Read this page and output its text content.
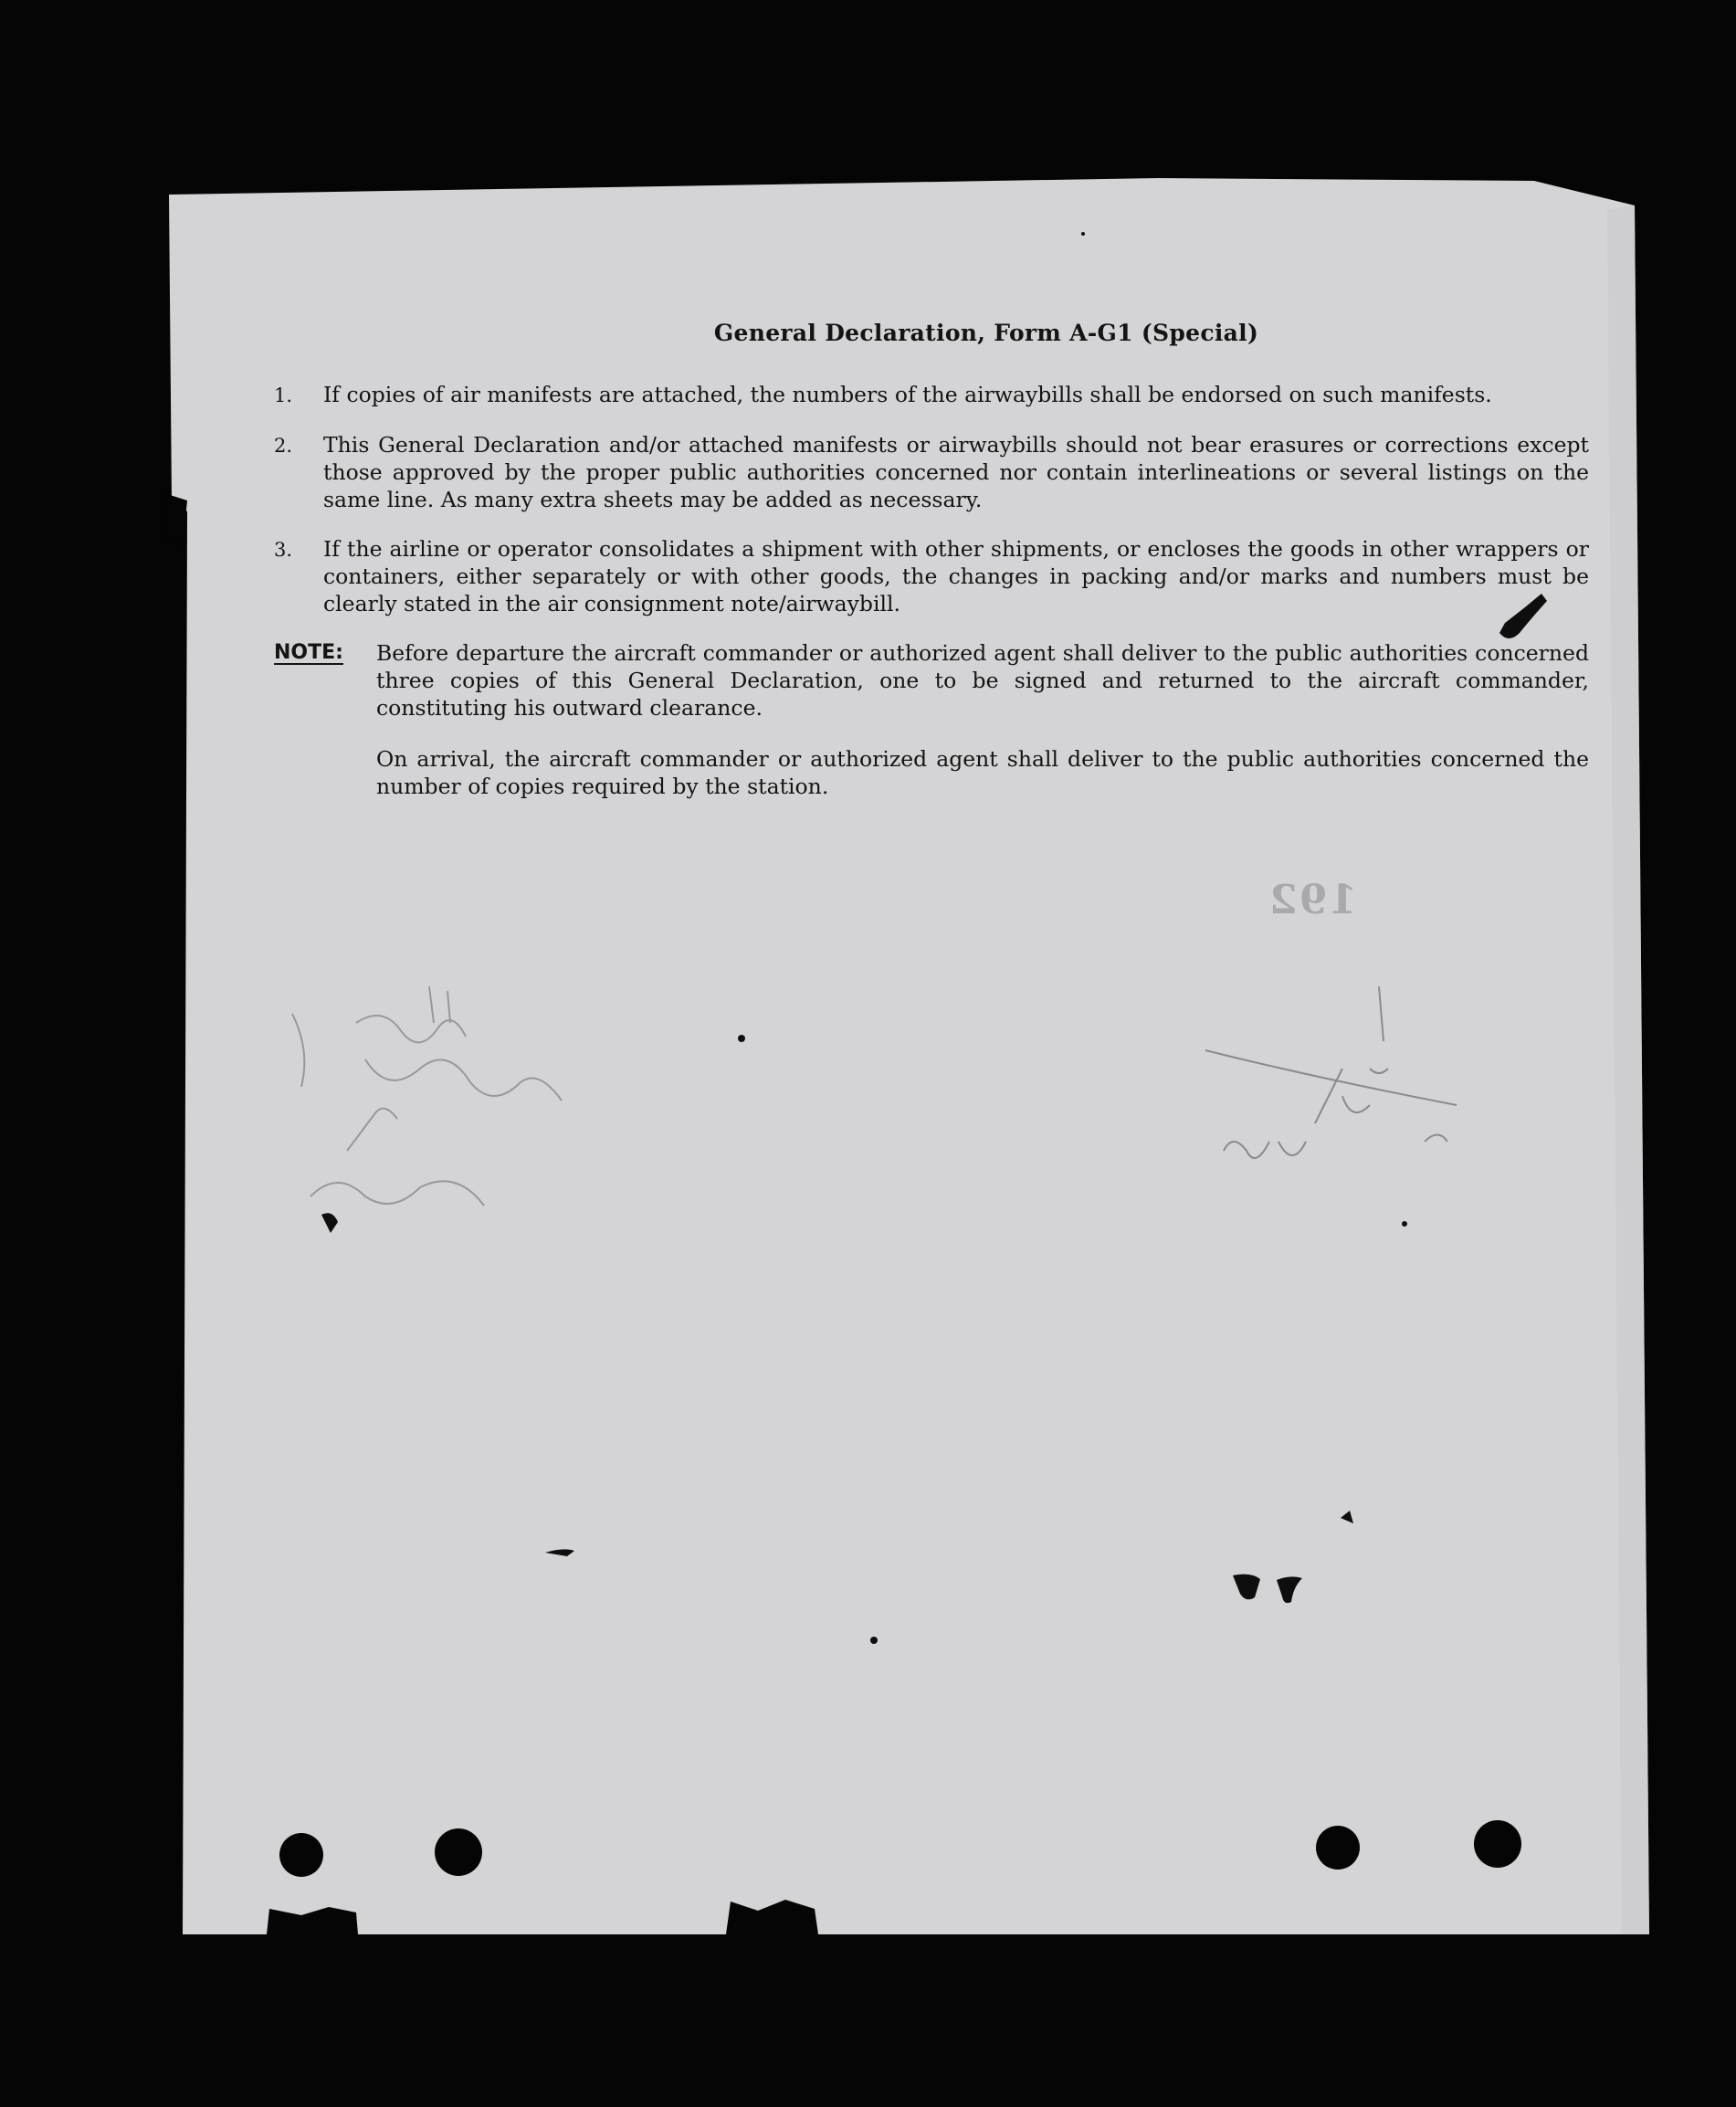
General Declaration, Form A-G1 (Special)
1.	If copies of air manifests are attached, the numbers of the airwaybills shall be endorsed on such manifests.
2.	This General Declaration and/or attached manifests or airwaybills should not bear erasures or corrections except those approved by the proper public authorities concerned nor contain interlineations or several listings on the same line. As many extra sheets may be added as necessary.
3.	If the airline or operator consolidates a shipment with other shipments, or encloses the goods in other wrappers or containers, either separately or with other goods, the changes in packing and/or marks and numbers must be clearly stated in the air consignment note/airwaybill.
NOTE:	Before departure the aircraft commander or authorized agent shall deliver to the public authorities concerned three copies of this General Declaration, one to be signed and returned to the aircraft commander, constituting his outward clearance.

On arrival, the aircraft commander or authorized agent shall deliver to the public authorities concerned the number of copies required by the station.

192
